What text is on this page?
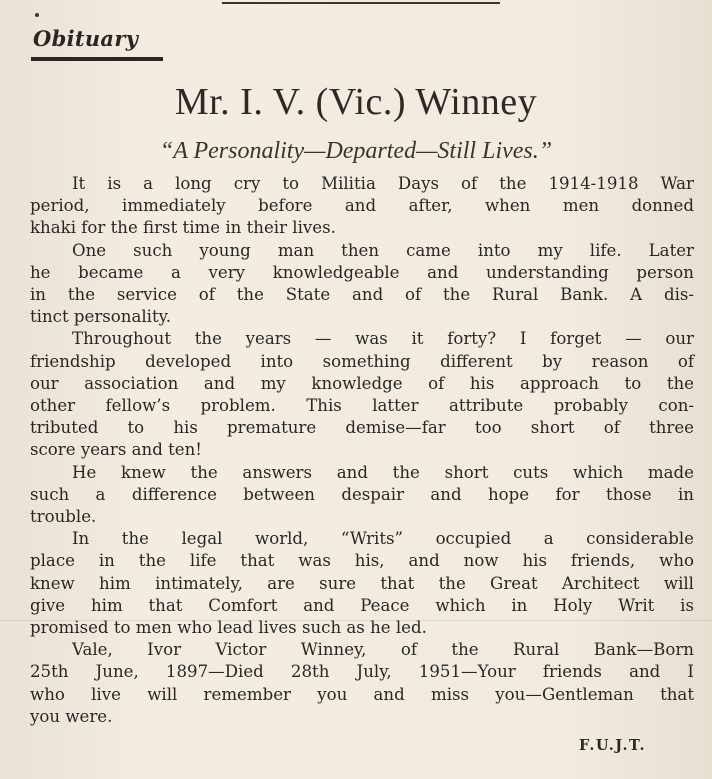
Obituary
Mr. I. V. (Vic.) Winney
“A Personality—Departed—Still Lives.”
It is a long cry to Militia Days of the 1914-1918 War
period, immediately before and after, when men donned
khaki for the first time in their lives.
One such young man then came into my life. Later
he became a very knowledgeable and understanding person
in the service of the State and of the Rural Bank. A dis-
tinct personality.
Throughout the years — was it forty? I forget — our
friendship developed into something different by reason of
our association and my knowledge of his approach to the
other fellow’s problem. This latter attribute probably con-
tributed to his premature demise—far too short of three
score years and ten!
He knew the answers and the short cuts which made
such a difference between despair and hope for those in
trouble.
In the legal world, “Writs” occupied a considerable
place in the life that was his, and now his friends, who
knew him intimately, are sure that the Great Architect will
give him that Comfort and Peace which in Holy Writ is
promised to men who lead lives such as he led.
Vale, Ivor Victor Winney, of the Rural Bank—Born
25th June, 1897—Died 28th July, 1951—Your friends and I
who live will remember you and miss you—Gentleman that
you were.
F.U.J.T.
